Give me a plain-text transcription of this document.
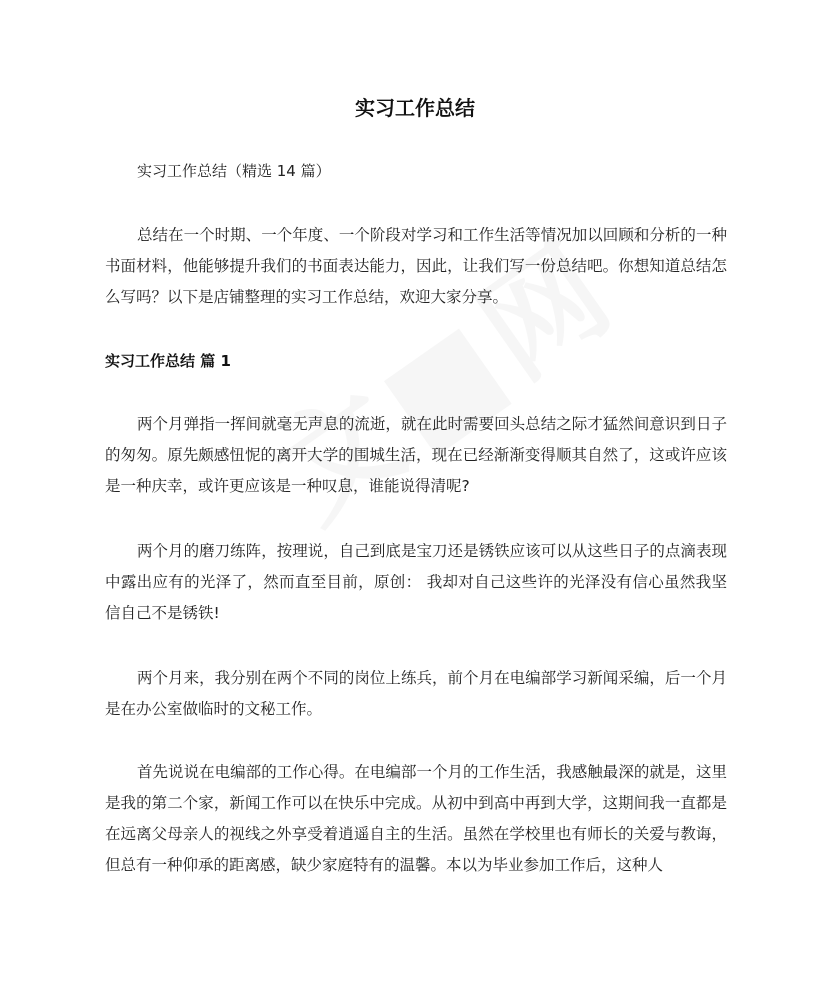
实习工作总结

实习工作总结（精选 14 篇）

总结在一个时期、一个年度、一个阶段对学习和工作生活等情况加以回顾和分析的一种书面材料，他能够提升我们的书面表达能力，因此，让我们写一份总结吧。你想知道总结怎么写吗？以下是店铺整理的实习工作总结，欢迎大家分享。

实习工作总结 篇 1

两个月弹指一挥间就毫无声息的流逝，就在此时需要回头总结之际才猛然间意识到日子的匆匆。原先颇感忸怩的离开大学的围城生活，现在已经渐渐变得顺其自然了，这或许应该是一种庆幸，或许更应该是一种叹息，谁能说得清呢?

两个月的磨刀练阵，按理说，自己到底是宝刀还是锈铁应该可以从这些日子的点滴表现中露出应有的光泽了，然而直至目前，原创： 我却对自己这些许的光泽没有信心虽然我坚信自己不是锈铁!

两个月来，我分别在两个不同的岗位上练兵，前个月在电编部学习新闻采编，后一个月是在办公室做临时的文秘工作。

首先说说在电编部的工作心得。在电编部一个月的工作生活，我感触最深的就是，这里是我的第二个家，新闻工作可以在快乐中完成。从初中到高中再到大学，这期间我一直都是在远离父母亲人的视线之外享受着逍遥自主的生活。虽然在学校里也有师长的关爱与教诲，但总有一种仰承的距离感，缺少家庭特有的温馨。本以为毕业参加工作后，这种人
